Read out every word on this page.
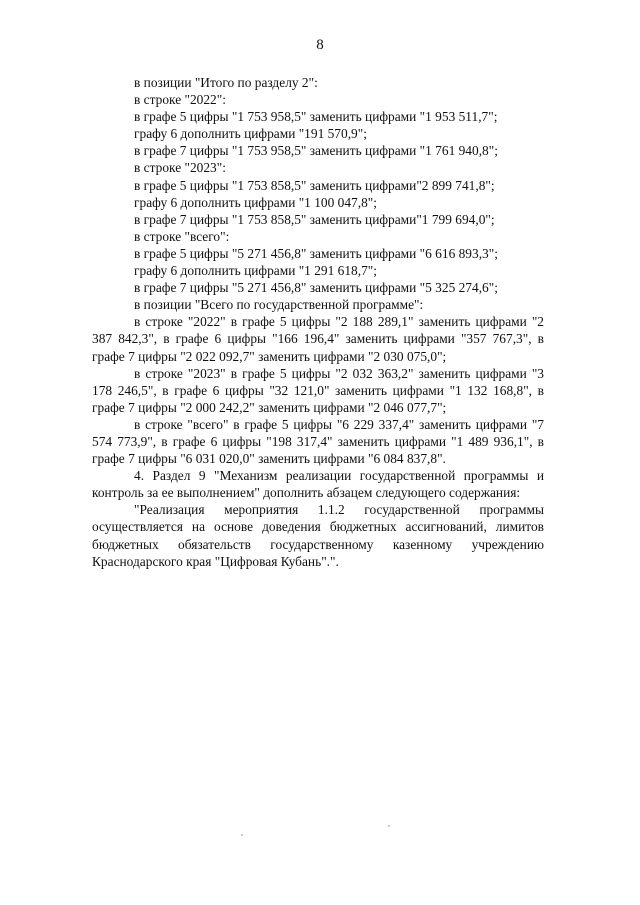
8
в позиции "Итого по разделу 2":
в строке "2022":
в графе 5 цифры "1 753 958,5" заменить цифрами "1 953 511,7";
графу 6 дополнить цифрами "191 570,9";
в графе 7 цифры "1 753 958,5" заменить цифрами "1 761 940,8";
в строке "2023":
в графе 5 цифры "1 753 858,5" заменить цифрами"2 899 741,8";
графу 6 дополнить цифрами "1 100 047,8";
в графе 7 цифры "1 753 858,5" заменить цифрами"1 799 694,0";
в строке "всего":
в графе 5 цифры "5 271 456,8" заменить цифрами "6 616 893,3";
графу 6 дополнить цифрами "1 291 618,7";
в графе 7 цифры "5 271 456,8" заменить цифрами "5 325 274,6";
в позиции "Всего по государственной программе":
в строке "2022" в графе 5 цифры "2 188 289,1" заменить цифрами "2 387 842,3", в графе 6 цифры "166 196,4" заменить цифрами "357 767,3", в графе 7 цифры "2 022 092,7" заменить цифрами "2 030 075,0";
в строке "2023" в графе 5 цифры "2 032 363,2" заменить цифрами "3 178 246,5", в графе 6 цифры "32 121,0" заменить цифрами "1 132 168,8", в графе 7 цифры "2 000 242,2" заменить цифрами "2 046 077,7";
в строке "всего" в графе 5 цифры "6 229 337,4" заменить цифрами "7 574 773,9", в графе 6 цифры "198 317,4" заменить цифрами "1 489 936,1", в графе 7 цифры "6 031 020,0" заменить цифрами "6 084 837,8".
4. Раздел 9 "Механизм реализации государственной программы и контроль за ее выполнением" дополнить абзацем следующего содержания:
"Реализация мероприятия 1.1.2 государственной программы осуществляется на основе доведения бюджетных ассигнований, лимитов бюджетных обязательств государственному казенному учреждению Краснодарского края "Цифровая Кубань".".
